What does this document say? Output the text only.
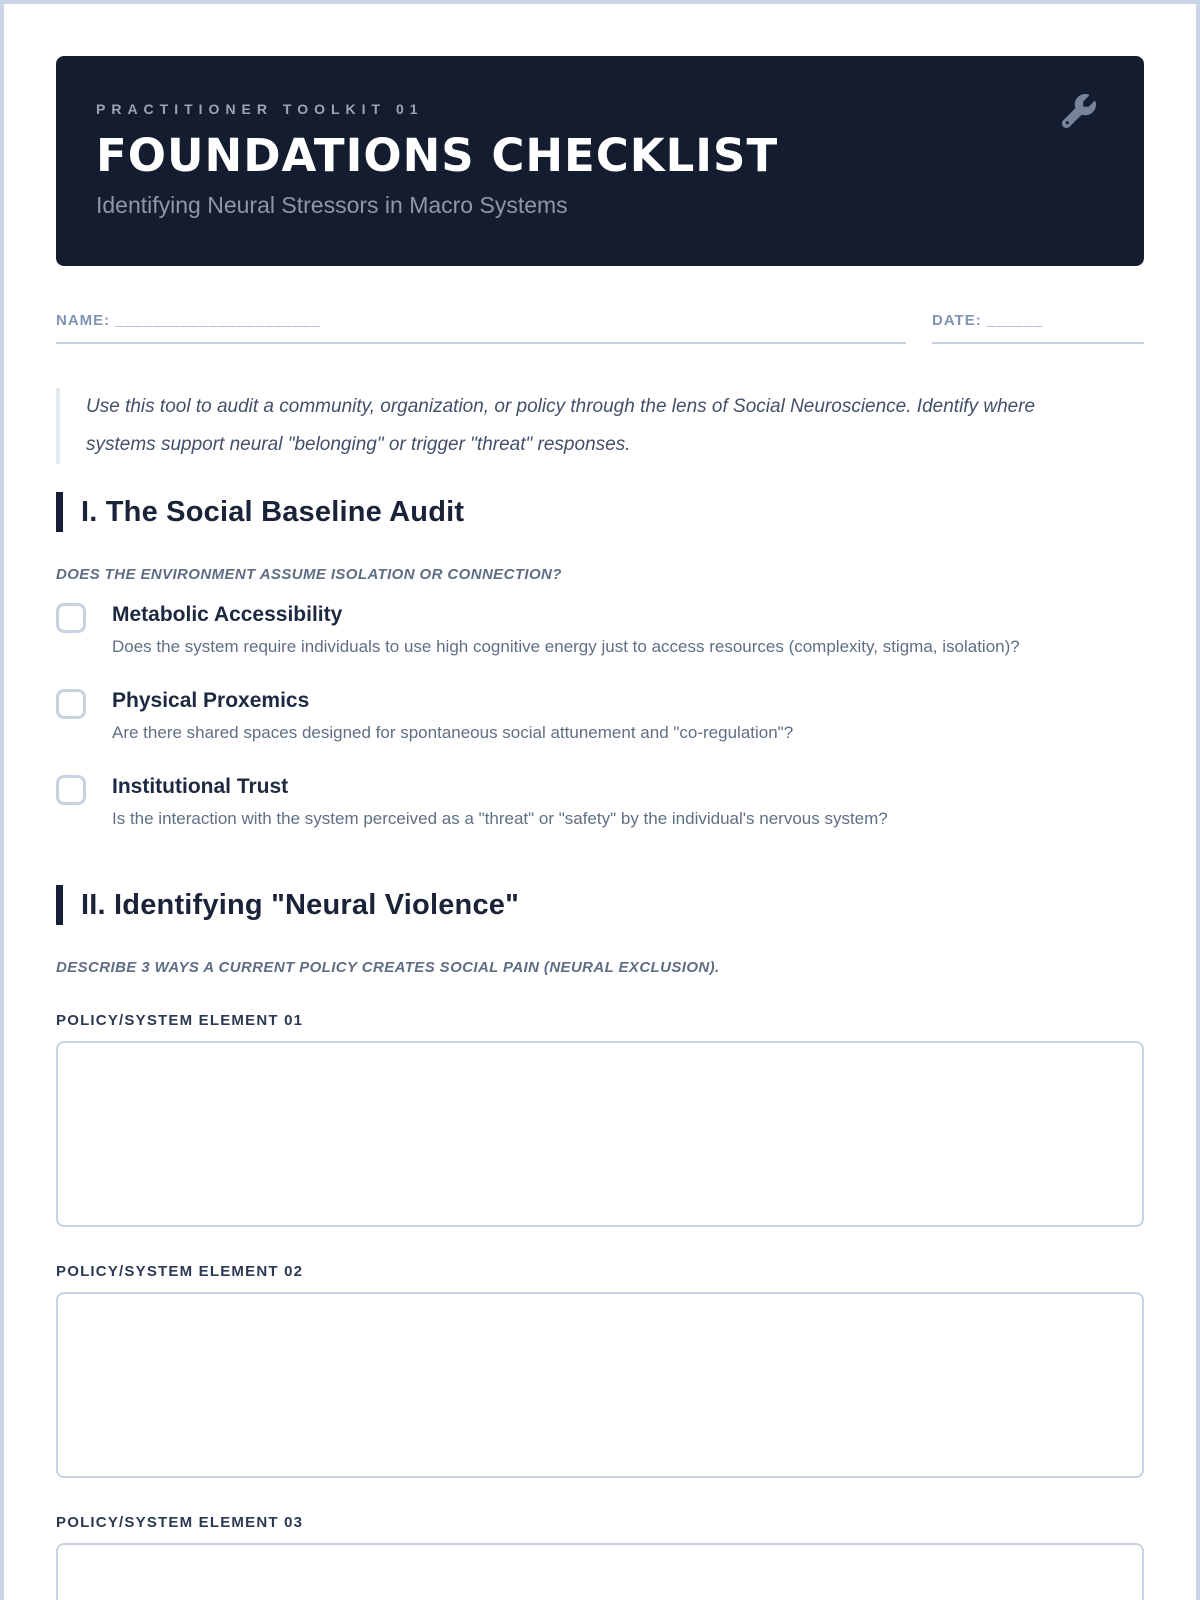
PRACTITIONER TOOLKIT 01
FOUNDATIONS CHECKLIST
Identifying Neural Stressors in Macro Systems
NAME: ______________________	DATE: ______
Use this tool to audit a community, organization, or policy through the lens of Social Neuroscience. Identify where systems support neural "belonging" or trigger "threat" responses.
I. The Social Baseline Audit
DOES THE ENVIRONMENT ASSUME ISOLATION OR CONNECTION?
Metabolic Accessibility
Does the system require individuals to use high cognitive energy just to access resources (complexity, stigma, isolation)?
Physical Proxemics
Are there shared spaces designed for spontaneous social attunement and "co-regulation"?
Institutional Trust
Is the interaction with the system perceived as a "threat" or "safety" by the individual's nervous system?
II. Identifying "Neural Violence"
DESCRIBE 3 WAYS A CURRENT POLICY CREATES SOCIAL PAIN (NEURAL EXCLUSION).
POLICY/SYSTEM ELEMENT 01
POLICY/SYSTEM ELEMENT 02
POLICY/SYSTEM ELEMENT 03
